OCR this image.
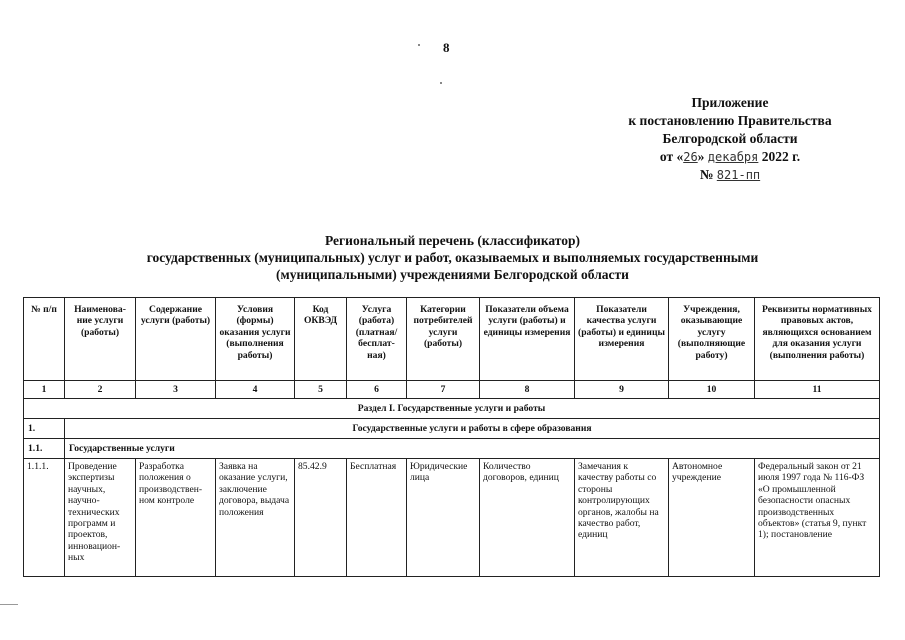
8
Приложение
к постановлению Правительства
Белгородской области
от «26» декабря 2022 г.
№ 821-пп
Региональный перечень (классификатор)
государственных (муниципальных) услуг и работ, оказываемых и выполняемых государственными
(муниципальными) учреждениями Белгородской области
№ п/п	Наименова-ние услуги (работы)	Содержание услуги (работы)	Условия (формы) оказания услуги (выполнения работы)	Код ОКВЭД	Услуга (работа) (платная/ бесплат-ная)	Категории потребителей услуги (работы)	Показатели объема услуги (работы) и единицы измерения	Показатели качества услуги (работы) и единицы измерения	Учреждения, оказывающие услугу (выполняющие работу)	Реквизиты нормативных правовых актов, являющихся основанием для оказания услуги (выполнения работы)
1	2	3	4	5	6	7	8	9	10	11
Раздел I. Государственные услуги и работы										
1.	Государственные услуги и работы в сфере образования									
1.1.	Государственные услуги									
1.1.1.	Проведение экспертизы научных, научно-технических программ и проектов, инновацион-ных	Разработка положения о производствен-ном контроле	Заявка на оказание услуги, заключение договора, выдача положения	85.42.9	Бесплатная	Юридические лица	Количество договоров, единиц	Замечания к качеству работы со стороны контролирующих органов, жалобы на качество работ, единиц	Автономное учреждение	Федеральный закон от 21 июля 1997 года № 116-ФЗ «О промышленной безопасности опасных производственных объектов» (статья 9, пункт 1); постановление
